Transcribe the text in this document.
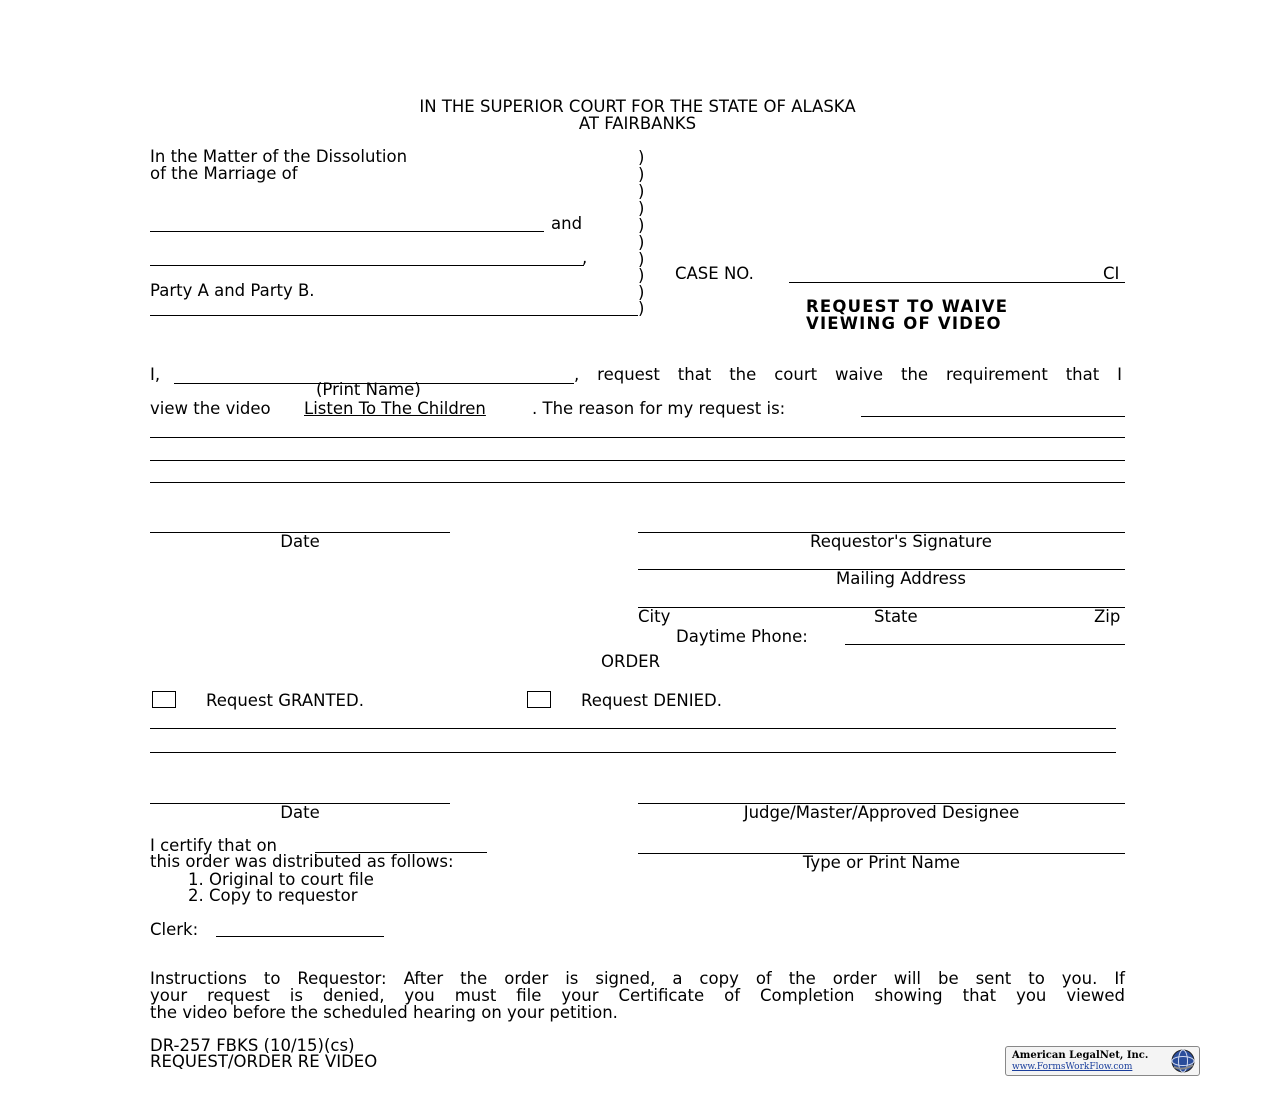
IN THE SUPERIOR COURT FOR THE STATE OF ALASKA
AT FAIRBANKS
In the Matter of the Dissolution
of the Marriage of
and
,
Party A and Party B.
)
)
)
)
)
)
)
)
)
)
CASE NO.	CI
REQUEST TO WAIVE
VIEWING OF VIDEO
I,
(Print Name)
, request that the court waive the requirement that I
view the video Listen To The Children	. The reason for my request is:
Date	Requestor's Signature
Mailing Address
City	State	Zip
Daytime Phone:
ORDER
Request GRANTED.	Request DENIED.
Date	Judge/Master/Approved Designee
Type or Print Name
I certify that on
this order was distributed as follows:
1. Original to court file
2. Copy to requestor
Clerk:
Instructions to Requestor: After the order is signed, a copy of the order will be sent to you. If
your request is denied, you must file your Certificate of Completion showing that you viewed
the video before the scheduled hearing on your petition.
DR-257 FBKS (10/15)(cs)
REQUEST/ORDER RE VIDEO	American LegalNet, Inc.
www.FormsWorkFlow.com
